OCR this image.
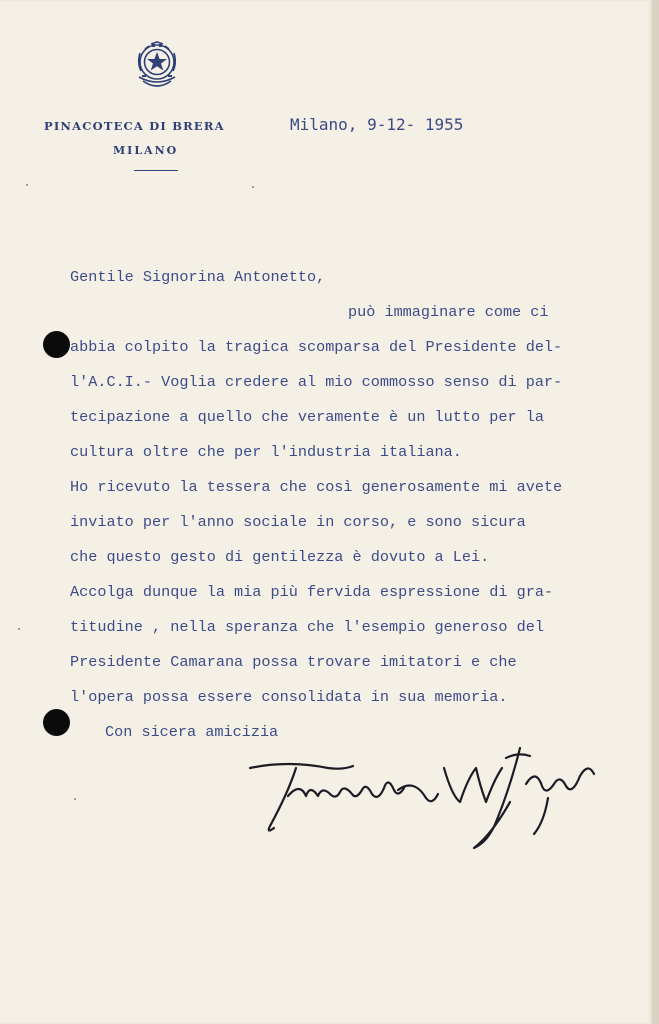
PINACOTECA DI BRERA
MILANO
Milano, 9-12- 1955
Gentile Signorina Antonetto,
può immaginare come ci
abbia colpito la tragica scomparsa del Presidente del-
l'A.C.I.- Voglia credere al mio commosso senso di par-
tecipazione a quello che veramente è un lutto per la
cultura oltre che per l'industria italiana.
Ho ricevuto la tessera che così generosamente mi avete
inviato per l'anno sociale in corso, e sono sicura
che questo gesto di gentilezza è dovuto a Lei.
Accolga dunque la mia più fervida espressione di gra-
titudine , nella speranza che l'esempio generoso del
Presidente Camarana possa trovare imitatori e che
l'opera possa essere consolidata in sua memoria.
Con sicera amicizia
